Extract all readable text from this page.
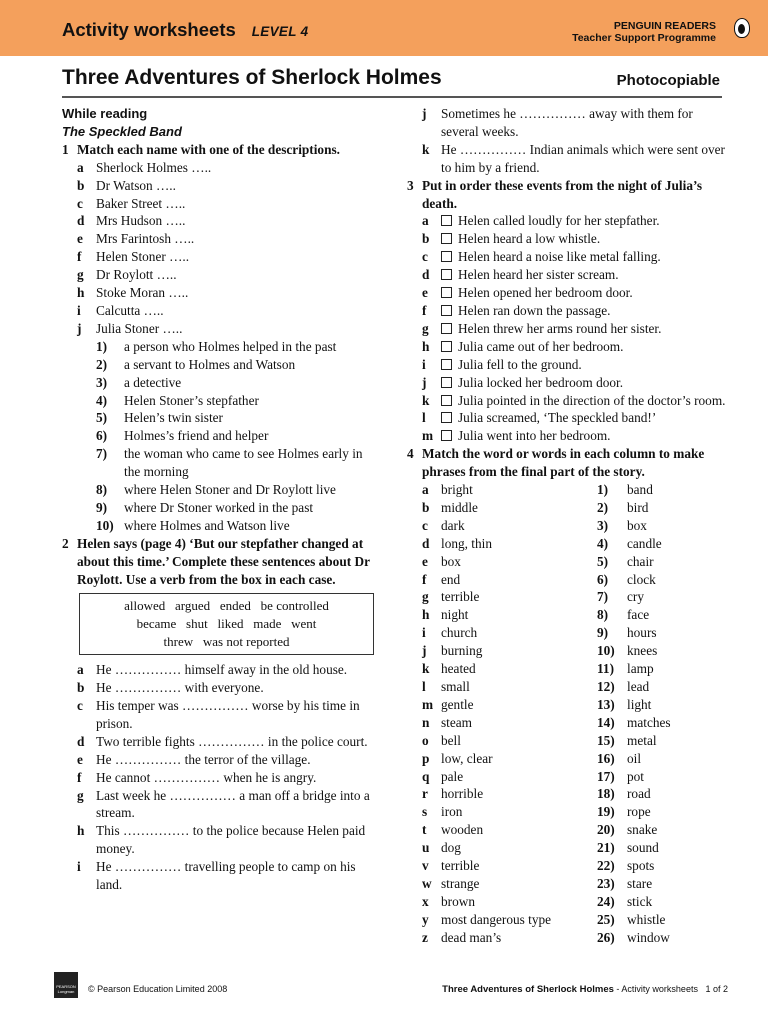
Activity worksheets LEVEL 4	PENGUIN READERS
Teacher Support Programme
Three Adventures of Sherlock Holmes	Photocopiable
While reading
The Speckled Band
1 Match each name with one of the descriptions.
a Sherlock Holmes …..
b Dr Watson …..
c Baker Street …..
d Mrs Hudson …..
e Mrs Farintosh …..
f	Helen Stoner …..
g Dr Roylott …..
h Stoke Moran …..
i	Calcutta …..
j	Julia Stoner …..
1)	a person who Holmes helped in the past
2)	a servant to Holmes and Watson
3)	a detective
4)	Helen Stoner’s stepfather
5)	Helen’s twin sister
6)	Holmes’s friend and helper
7)	the woman who came to see Holmes early in the morning
8)	where Helen Stoner and Dr Roylott live
9)	where Dr Stoner worked in the past
10) where Holmes and Watson live
2 Helen says (page 4) ‘But our stepfather changed at about this time.’ Complete these sentences about Dr Roylott. Use a verb from the box in each case.
allowed   argued   ended   be controlled
became   shut   liked   made   went
threw   was not reported
a He …………… himself away in the old house.
b He …………… with everyone.
c His temper was …………… worse by his time in prison.
d Two terrible fights …………… in the police court.
e He …………… the terror of the village.
f	He cannot …………… when he is angry.
g Last week he …………… a man off a bridge into a stream.
h This …………… to the police because Helen paid money.
i	He …………… travelling people to camp on his land.
j	Sometimes he …………… away with them for several weeks.
k He …………… Indian animals which were sent over to him by a friend.
3 Put in order these events from the night of Julia’s death.
a	Helen called loudly for her stepfather.
b	Helen heard a low whistle.
c	Helen heard a noise like metal falling.
d	Helen heard her sister scream.
e	Helen opened her bedroom door.
f	Helen ran down the passage.
g	Helen threw her arms round her sister.
h	Julia came out of her bedroom.
i	Julia fell to the ground.
j	Julia locked her bedroom door.
k	Julia pointed in the direction of the doctor’s room.
l	Julia screamed, ‘The speckled band!’
m	Julia went into her bedroom.
4 Match the word or words in each column to make phrases from the final part of the story.
a bright	1)	band
b middle	2)	bird
c dark	3)	box
d long, thin	4)	candle
e box	5)	chair
f	end	6)	clock
g terrible	7)	cry
h night	8)	face
i	church	9)	hours
j	burning	10) knees
k heated	11) lamp
l	small	12) lead
m gentle	13) light
n steam	14) matches
o bell	15) metal
p low, clear	16) oil
q pale	17) pot
r horrible	18) road
s	iron	19) rope
t	wooden	20) snake
u dog	21) sound
v terrible	22) spots
w strange	23) stare
x brown	24) stick
y most dangerous type	25) whistle
z dead man’s	26) window
PEARSON Longman	© Pearson Education Limited 2008	Three Adventures of Sherlock Holmes - Activity worksheets 1 of 2
